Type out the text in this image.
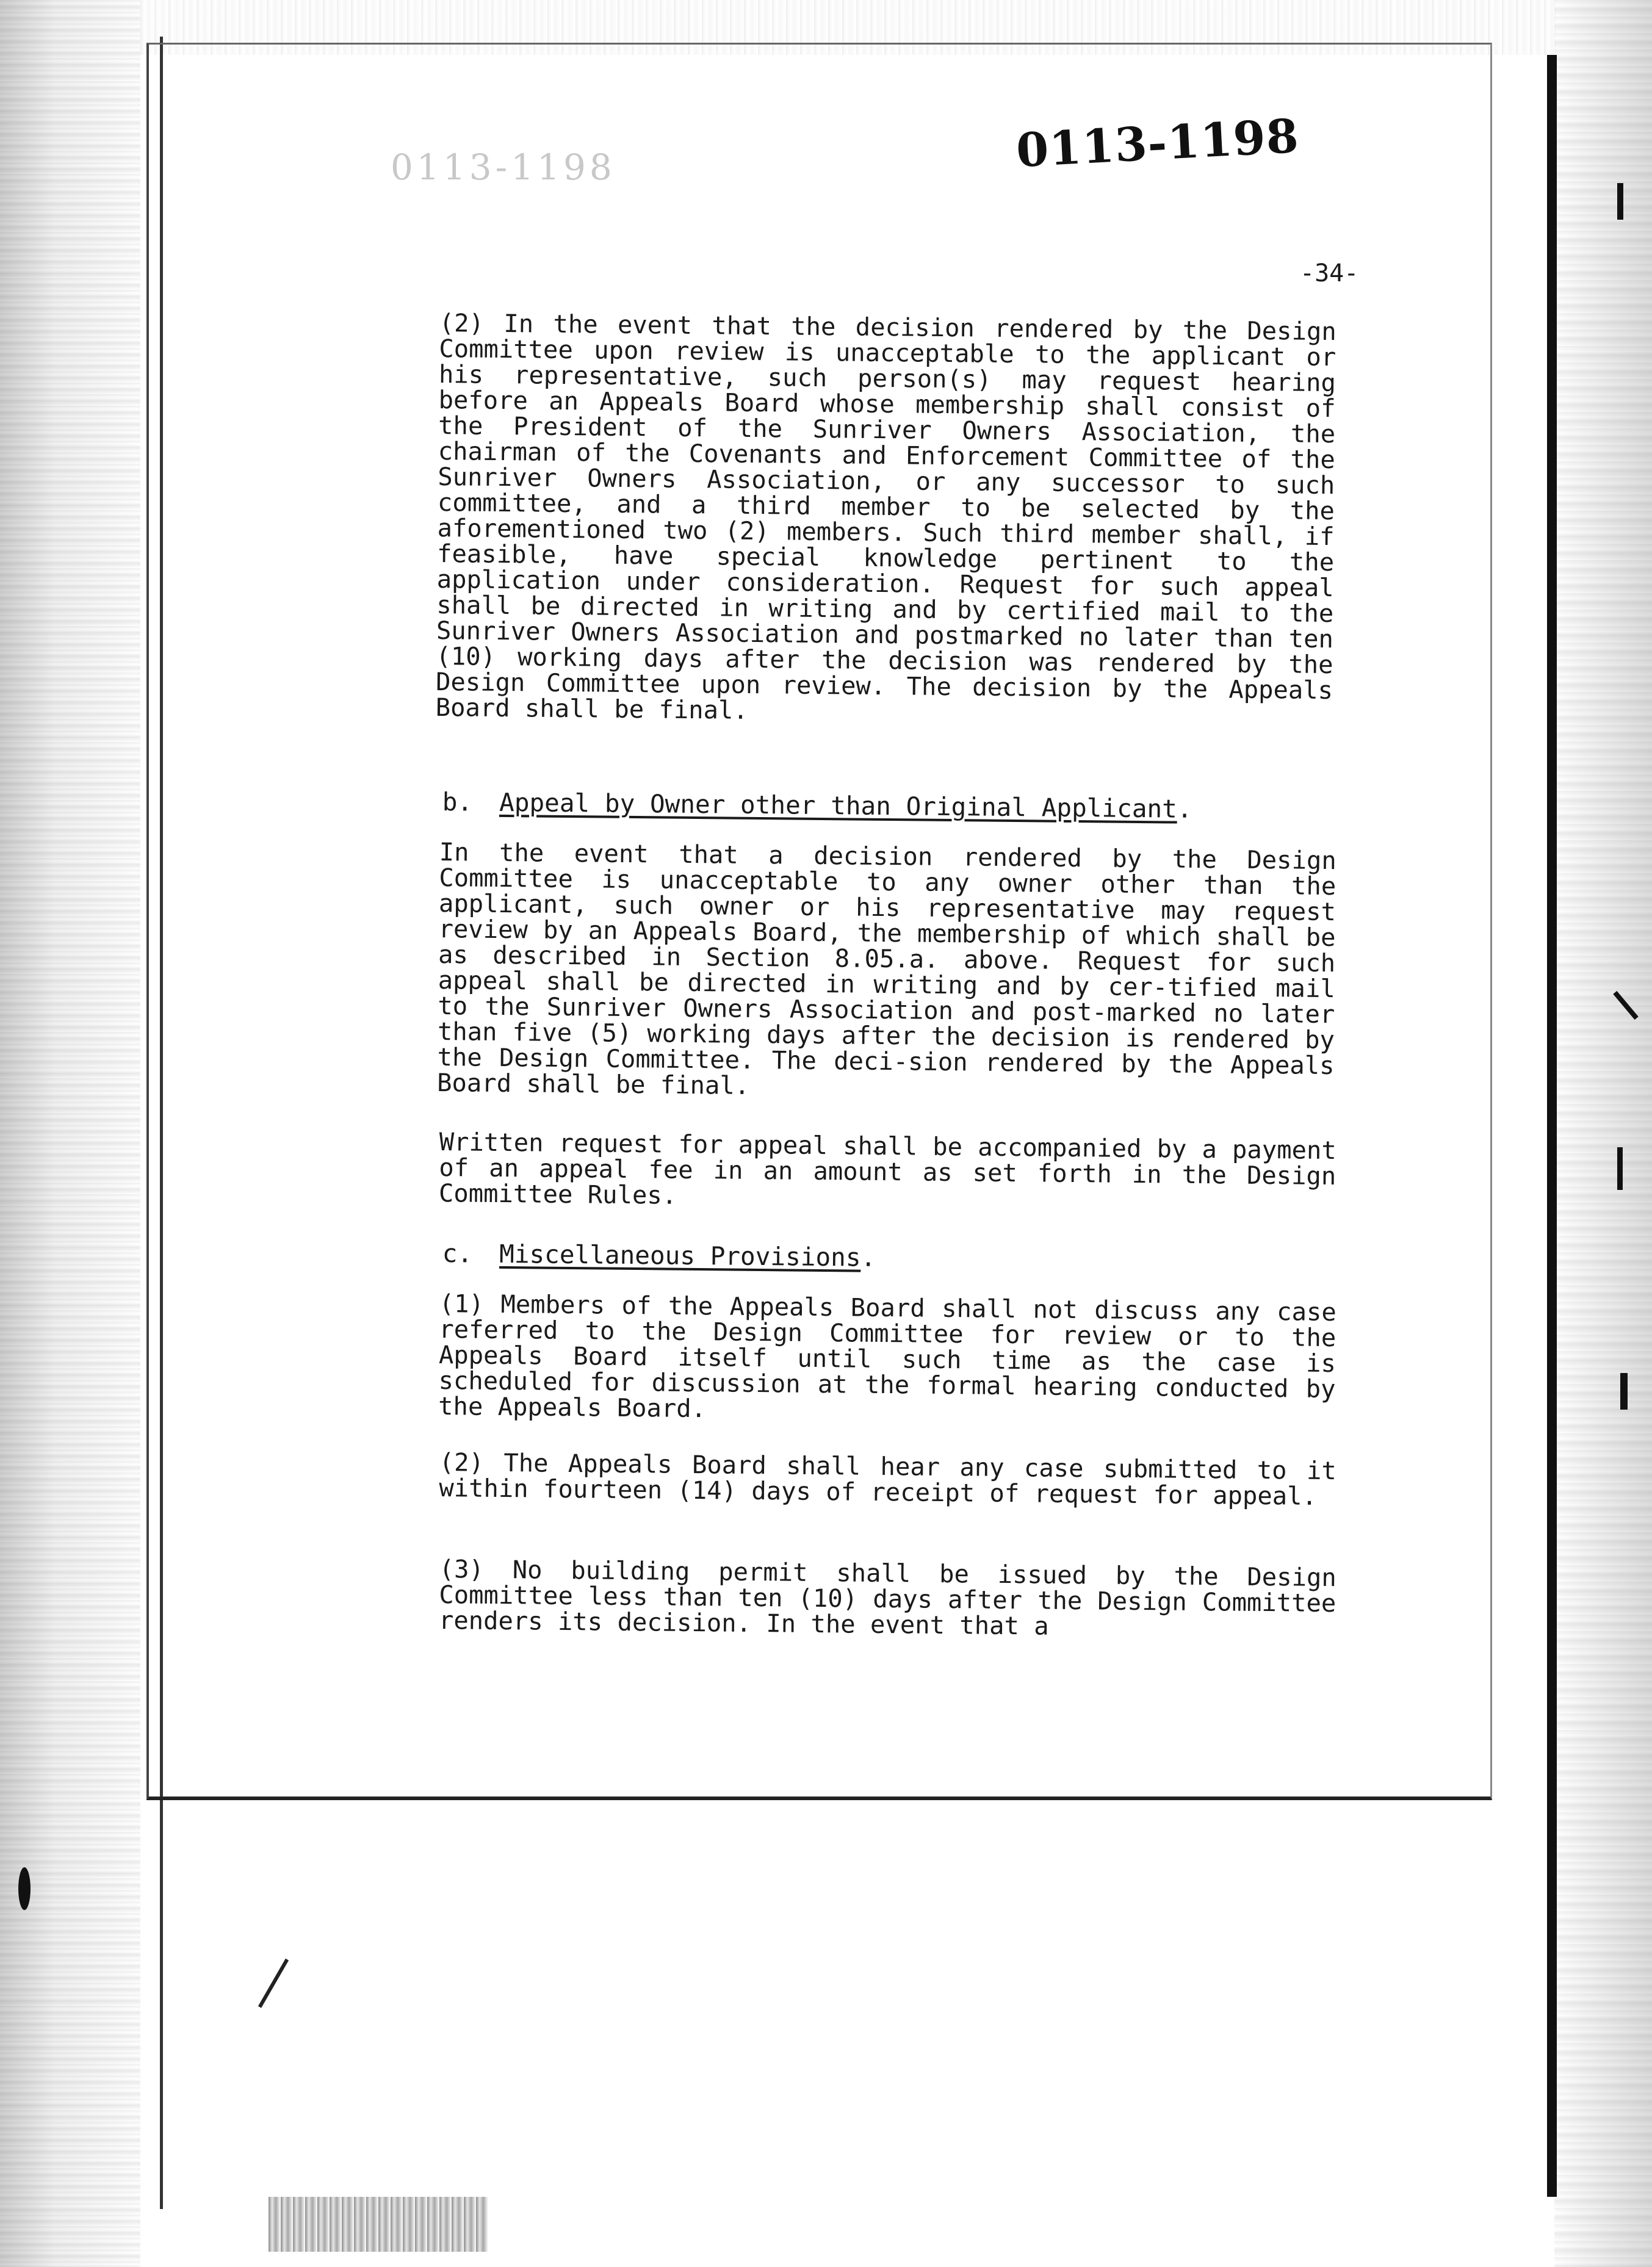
0113-1198	0113-1198
-34-

(2) In the event that the decision rendered by the Design Committee upon review is unacceptable to the applicant or his representative, such person(s) may request hearing before an Appeals Board whose membership shall consist of the President of the Sunriver Owners Association, the chairman of the Covenants and Enforcement Committee of the Sunriver Owners Association, or any successor to such committee, and a third member to be selected by the aforementioned two (2) members. Such third member shall, if feasible, have special knowledge pertinent to the application under consideration. Request for such appeal shall be directed in writing and by certified mail to the Sunriver Owners Association and postmarked no later than ten (10) working days after the decision was rendered by the Design Committee upon review. The decision by the Appeals Board shall be final.

b. Appeal by Owner other than Original Applicant.

In the event that a decision rendered by the Design Committee is unacceptable to any owner other than the applicant, such owner or his representative may request review by an Appeals Board, the membership of which shall be as described in Section 8.05.a. above. Request for such appeal shall be directed in writing and by cer-tified mail to the Sunriver Owners Association and post-marked no later than five (5) working days after the decision is rendered by the Design Committee. The deci-sion rendered by the Appeals Board shall be final.

Written request for appeal shall be accompanied by a payment of an appeal fee in an amount as set forth in the Design Committee Rules.

c. Miscellaneous Provisions.

(1) Members of the Appeals Board shall not discuss any case referred to the Design Committee for review or to the Appeals Board itself until such time as the case is scheduled for discussion at the formal hearing conducted by the Appeals Board.

(2) The Appeals Board shall hear any case submitted to it within fourteen (14) days of receipt of request for appeal.

(3) No building permit shall be issued by the Design Committee less than ten (10) days after the Design Committee renders its decision. In the event that a
